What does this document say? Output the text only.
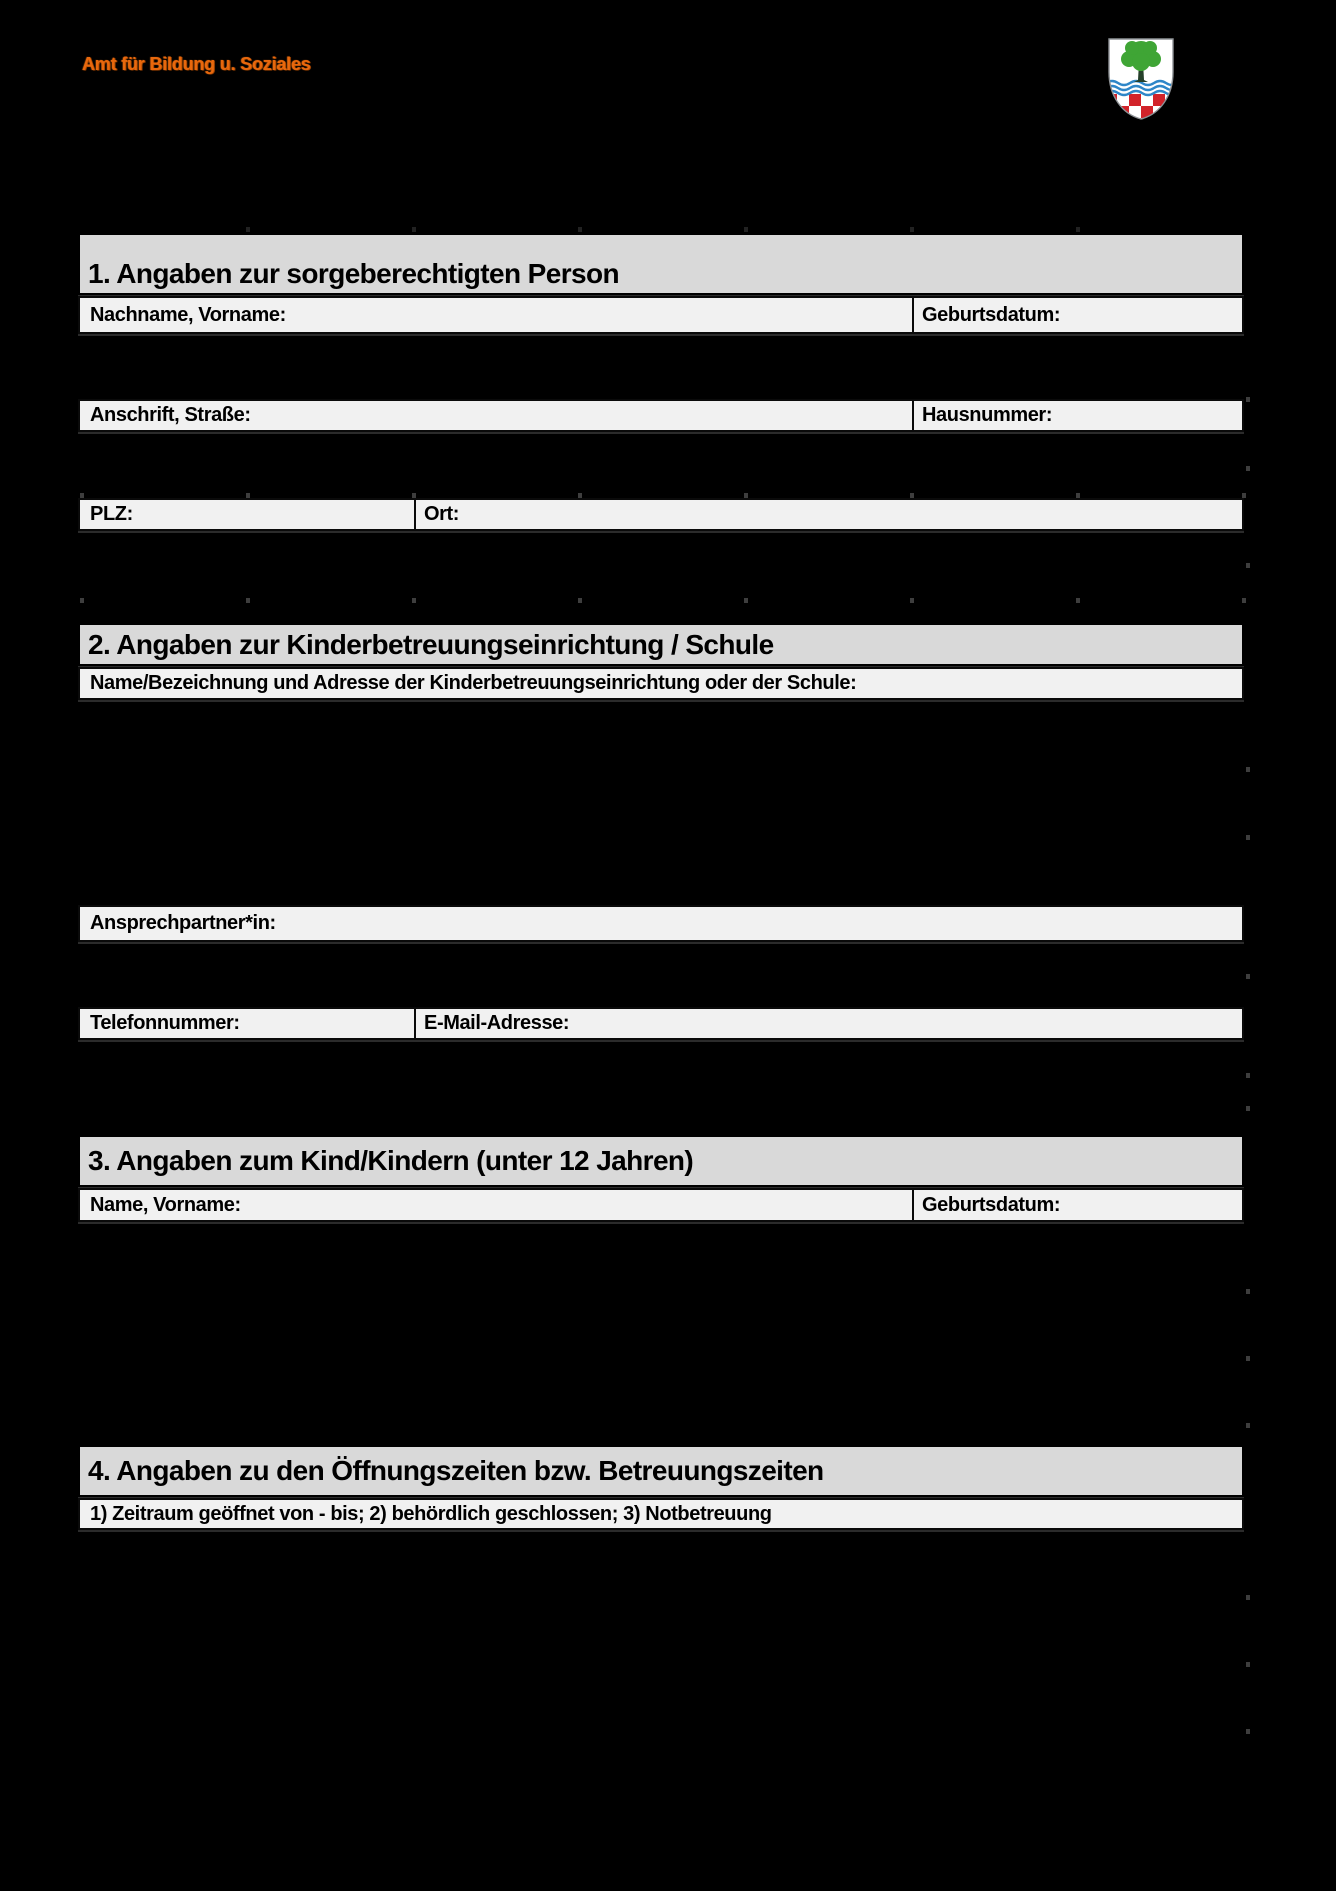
Amt für Bildung u. Soziales
1. Angaben zur sorgeberechtigten Person
Nachname, Vorname:	Geburtsdatum:
Anschrift, Straße:	Hausnummer:
PLZ:	Ort:
2. Angaben zur Kinderbetreuungseinrichtung / Schule
Name/Bezeichnung und Adresse der Kinderbetreuungseinrichtung oder der Schule:
Ansprechpartner*in:
Telefonnummer:	E-Mail-Adresse:
3. Angaben zum Kind/Kindern (unter 12 Jahren)
Name, Vorname:	Geburtsdatum:
4. Angaben zu den Öffnungszeiten bzw. Betreuungszeiten
1) Zeitraum geöffnet von - bis; 2) behördlich geschlossen; 3) Notbetreuung
